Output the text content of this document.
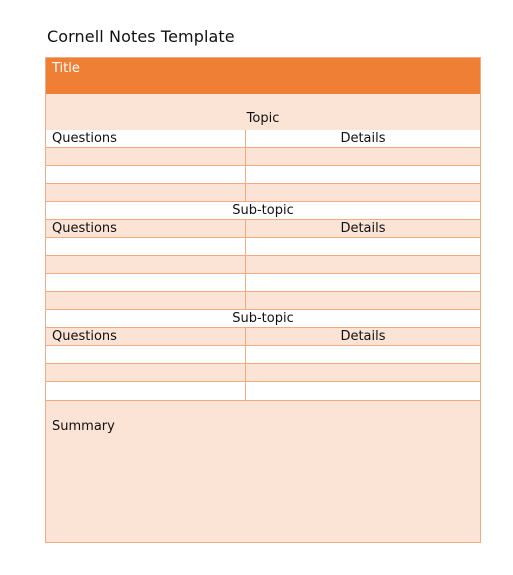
Cornell Notes Template
Title
Topic
Questions	Details
Sub-topic
Questions	Details
Sub-topic
Questions	Details
Summary
